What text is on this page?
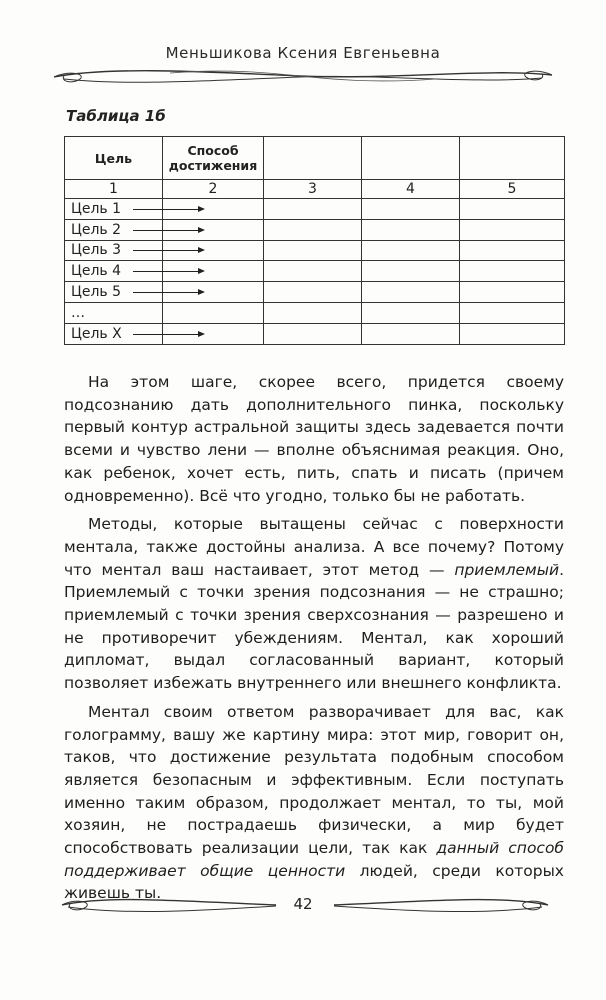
Меньшикова Ксения Евгеньевна
Таблица 1б
Цель	Способ достижения			
1	2	3	4	5
Цель 1

Цель 2

Цель 3

Цель 4

Цель 5

…				
Цель Х

На этом шаге, скорее всего, придется своему подсознанию дать дополнительного пинка, поскольку первый контур астральной защиты здесь задевается почти всеми и чувство лени — вполне объяснимая реакция. Оно, как ребенок, хочет есть, пить, спать и писать (причем одновременно). Всё что угодно, только бы не работать.

Методы, которые вытащены сейчас с поверхности ментала, также достойны анализа. А все почему? Потому что ментал ваш настаивает, этот метод — приемлемый. Приемлемый с точки зрения подсознания — не страшно; приемлемый с точки зрения сверхсознания — разрешено и не противоречит убеждениям. Ментал, как хороший дипломат, выдал согласованный вариант, который позволяет избежать внутреннего или внешнего конфликта.

Ментал своим ответом разворачивает для вас, как голограмму, вашу же картину мира: этот мир, говорит он, таков, что достижение результата подобным способом является безопасным и эффективным. Если поступать именно таким образом, продолжает ментал, то ты, мой хозяин, не пострадаешь физически, а мир будет способствовать реализации цели, так как данный способ поддерживает общие ценности людей, среди которых живешь ты.

42
